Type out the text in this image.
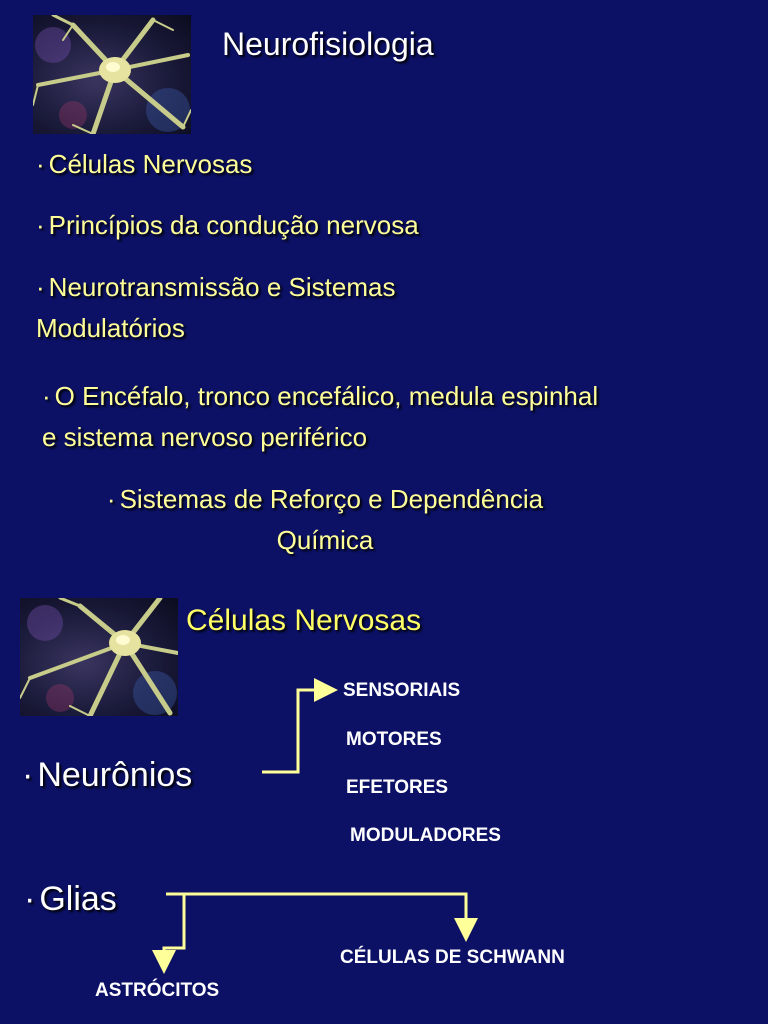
Neurofisiologia
· Células Nervosas
· Princípios da condução nervosa
· Neurotransmissão e Sistemas
Modulatórios
· O Encéfalo, tronco encefálico, medula espinhal
e sistema nervoso periférico
· Sistemas de Reforço e Dependência
Química
Células Nervosas
· Neurônios
SENSORIAIS
MOTORES
EFETORES
MODULADORES
· Glias
ASTRÓCITOS
CÉLULAS DE SCHWANN
